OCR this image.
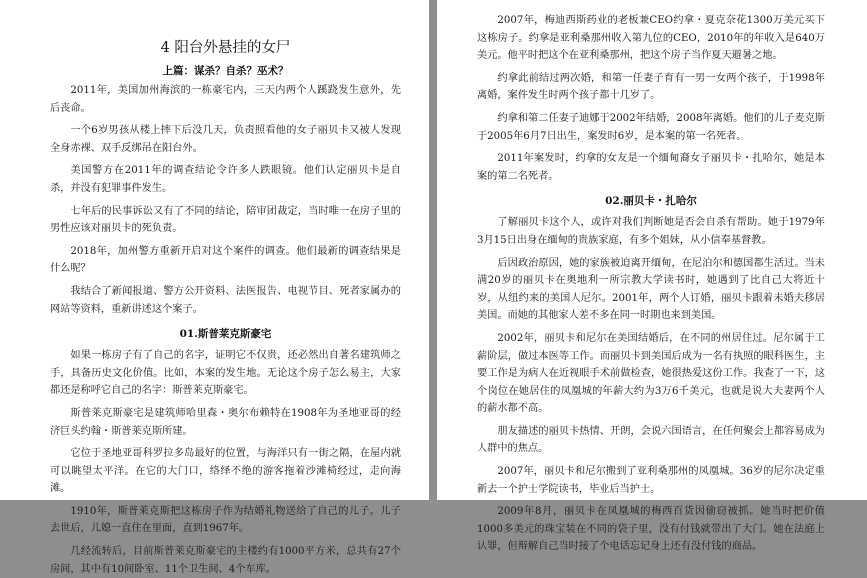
4 阳台外悬挂的女尸
上篇：谋杀？自杀？巫术？

2011年，美国加州海滨的一栋豪宅内，三天内两个人蹊跷发生意外，先后丧命。

一个6岁男孩从楼上摔下后没几天，负责照看他的女子丽贝卡又被人发现全身赤裸、双手反绑吊在阳台外。

美国警方在2011年的调查结论令许多人跌眼镜。他们认定丽贝卡是自杀，并没有犯罪事件发生。

七年后的民事诉讼又有了不同的结论，陪审团裁定，当时唯一在房子里的男性应该对丽贝卡的死负责。

2018年，加州警方重新开启对这个案件的调查。他们最新的调查结果是什么呢？

我结合了新闻报道、警方公开资料、法医报告、电视节目、死者家属办的网站等资料，重新讲述这个案子。

01.斯普莱克斯豪宅

如果一栋房子有了自己的名字，证明它不仅贵，还必然出自著名建筑师之手，具备历史文化价值。比如，本案的发生地。无论这个房子怎么易主，大家都还是称呼它自己的名字：斯普莱克斯豪宅。

斯普莱克斯豪宅是建筑师哈里森・奥尔布赖特在1908年为圣地亚哥的经济巨头约翰・斯普莱克斯所建。

它位于圣地亚哥科罗拉多岛最好的位置，与海洋只有一街之隔，在屋内就可以眺望太平洋。在它的大门口，络绎不绝的游客拖着沙滩椅经过，走向海滩。

1910年，斯普莱克斯把这栋房子作为结婚礼物送给了自己的儿子。儿子去世后，儿媳一直住在里面，直到1967年。

几经流转后，目前斯普莱克斯豪宅的主楼约有1000平方米，总共有27个房间，其中有10间卧室、11个卫生间、4个车库。

2007年，梅迪西斯药业的老板兼CEO约拿・夏克奈花1300万美元买下这栋房子。约拿是亚利桑那州收入第九位的CEO，2010年的年收入是640万美元。他平时把这个在亚利桑那州，把这个房子当作夏天避暑之地。

约拿此前结过两次婚，和第一任妻子育有一男一女两个孩子，于1998年离婚，案件发生时两个孩子都十几岁了。

约拿和第二任妻子迪娜于2002年结婚，2008年离婚。他们的儿子麦克斯于2005年6月7日出生，案发时6岁，是本案的第一名死者。

2011年案发时，约拿的女友是一个缅甸裔女子丽贝卡・扎哈尔，她是本案的第二名死者。

02.丽贝卡・扎哈尔

了解丽贝卡这个人，或许对我们判断她是否会自杀有帮助。她于1979年3月15日出身在缅甸的贵族家庭，有多个姐妹，从小信奉基督教。

后因政治原因，她的家族被迫离开缅甸，在尼泊尔和德国都生活过。当未满20岁的丽贝卡在奥地利一所宗教大学读书时，她遇到了比自己大将近十岁，从纽约来的美国人尼尔。2001年，两个人订婚，丽贝卡跟着未婚夫移居美国。而她的其他家人差不多在同一时期也来到美国。

2002年，丽贝卡和尼尔在美国结婚后，在不同的州居住过。尼尔属于工薪阶层，做过本医等工作。而丽贝卡到美国后成为一名有执照的眼科医生，主要工作是为病人在近视眼手术前做检查，她很热爱这份工作。我查了一下，这个岗位在她居住的凤凰城的年薪大约为3万6千美元，也就是说大夫妻两个人的薪水都不高。

朋友描述的丽贝卡热情、开朗，会说六国语言，在任何聚会上都容易成为人群中的焦点。

2007年，丽贝卡和尼尔搬到了亚利桑那州的凤凰城。36岁的尼尔决定重新去一个护士学院读书，毕业后当护士。

2009年8月，丽贝卡在凤凰城的梅西百货因偷窃被抓。她当时把价值1000多美元的珠宝装在不同的袋子里，没有付钱就带出了大门。她在法庭上认罪，但辩解自己当时接了个电话忘记身上还有没付钱的商品。
